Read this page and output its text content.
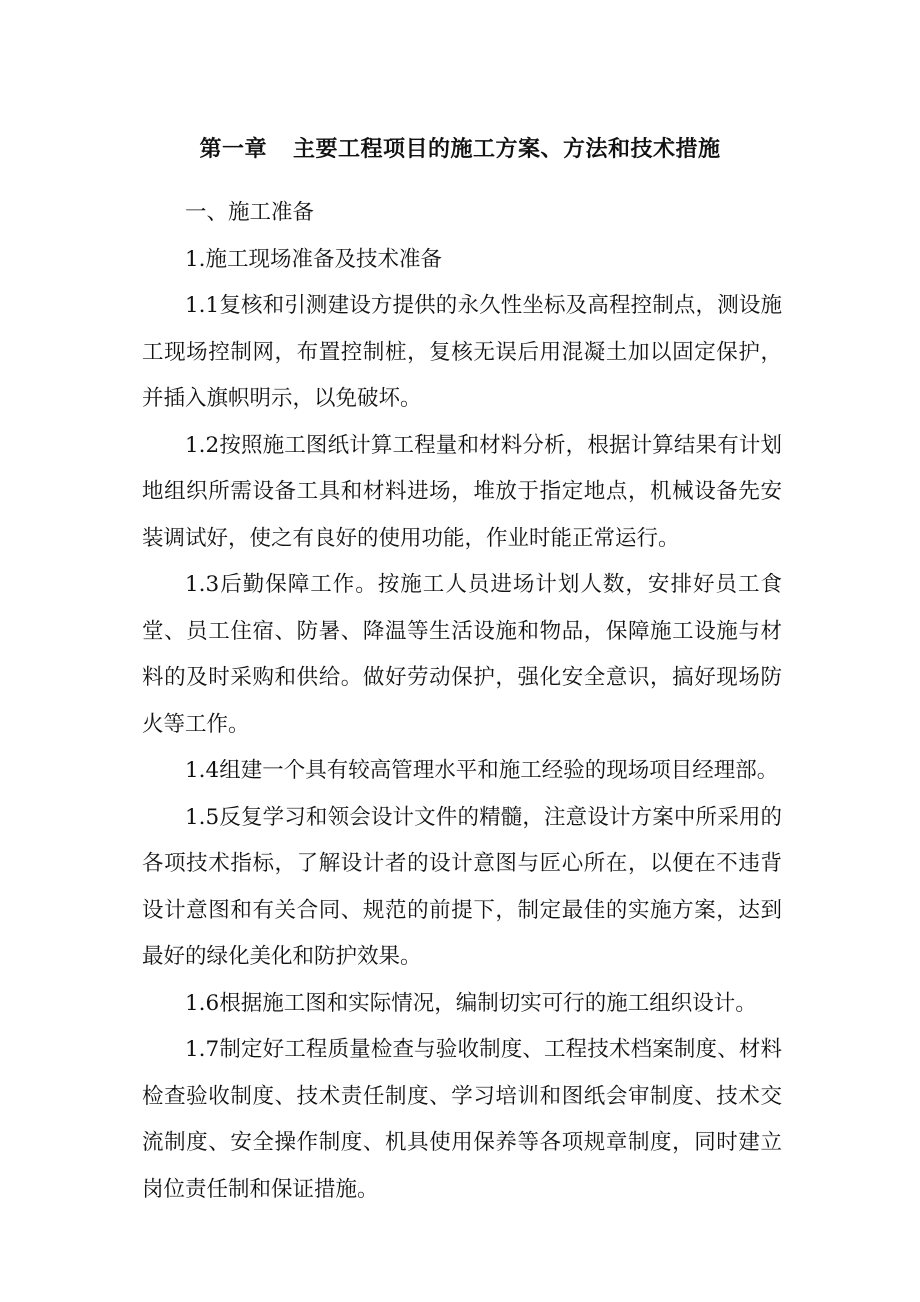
第一章 主要工程项目的施工方案、方法和技术措施

一、施工准备

1.施工现场准备及技术准备

1.1复核和引测建设方提供的永久性坐标及高程控制点，测设施工现场控制网，布置控制桩，复核无误后用混凝土加以固定保护，并插入旗帜明示，以免破坏。

1.2按照施工图纸计算工程量和材料分析，根据计算结果有计划地组织所需设备工具和材料进场，堆放于指定地点，机械设备先安装调试好，使之有良好的使用功能，作业时能正常运行。

1.3后勤保障工作。按施工人员进场计划人数，安排好员工食堂、员工住宿、防暑、降温等生活设施和物品，保障施工设施与材料的及时采购和供给。做好劳动保护，强化安全意识，搞好现场防火等工作。

1.4组建一个具有较高管理水平和施工经验的现场项目经理部。

1.5反复学习和领会设计文件的精髓，注意设计方案中所采用的各项技术指标，了解设计者的设计意图与匠心所在，以便在不违背设计意图和有关合同、规范的前提下，制定最佳的实施方案，达到最好的绿化美化和防护效果。

1.6根据施工图和实际情况，编制切实可行的施工组织设计。

1.7制定好工程质量检查与验收制度、工程技术档案制度、材料检查验收制度、技术责任制度、学习培训和图纸会审制度、技术交流制度、安全操作制度、机具使用保养等各项规章制度，同时建立岗位责任制和保证措施。
